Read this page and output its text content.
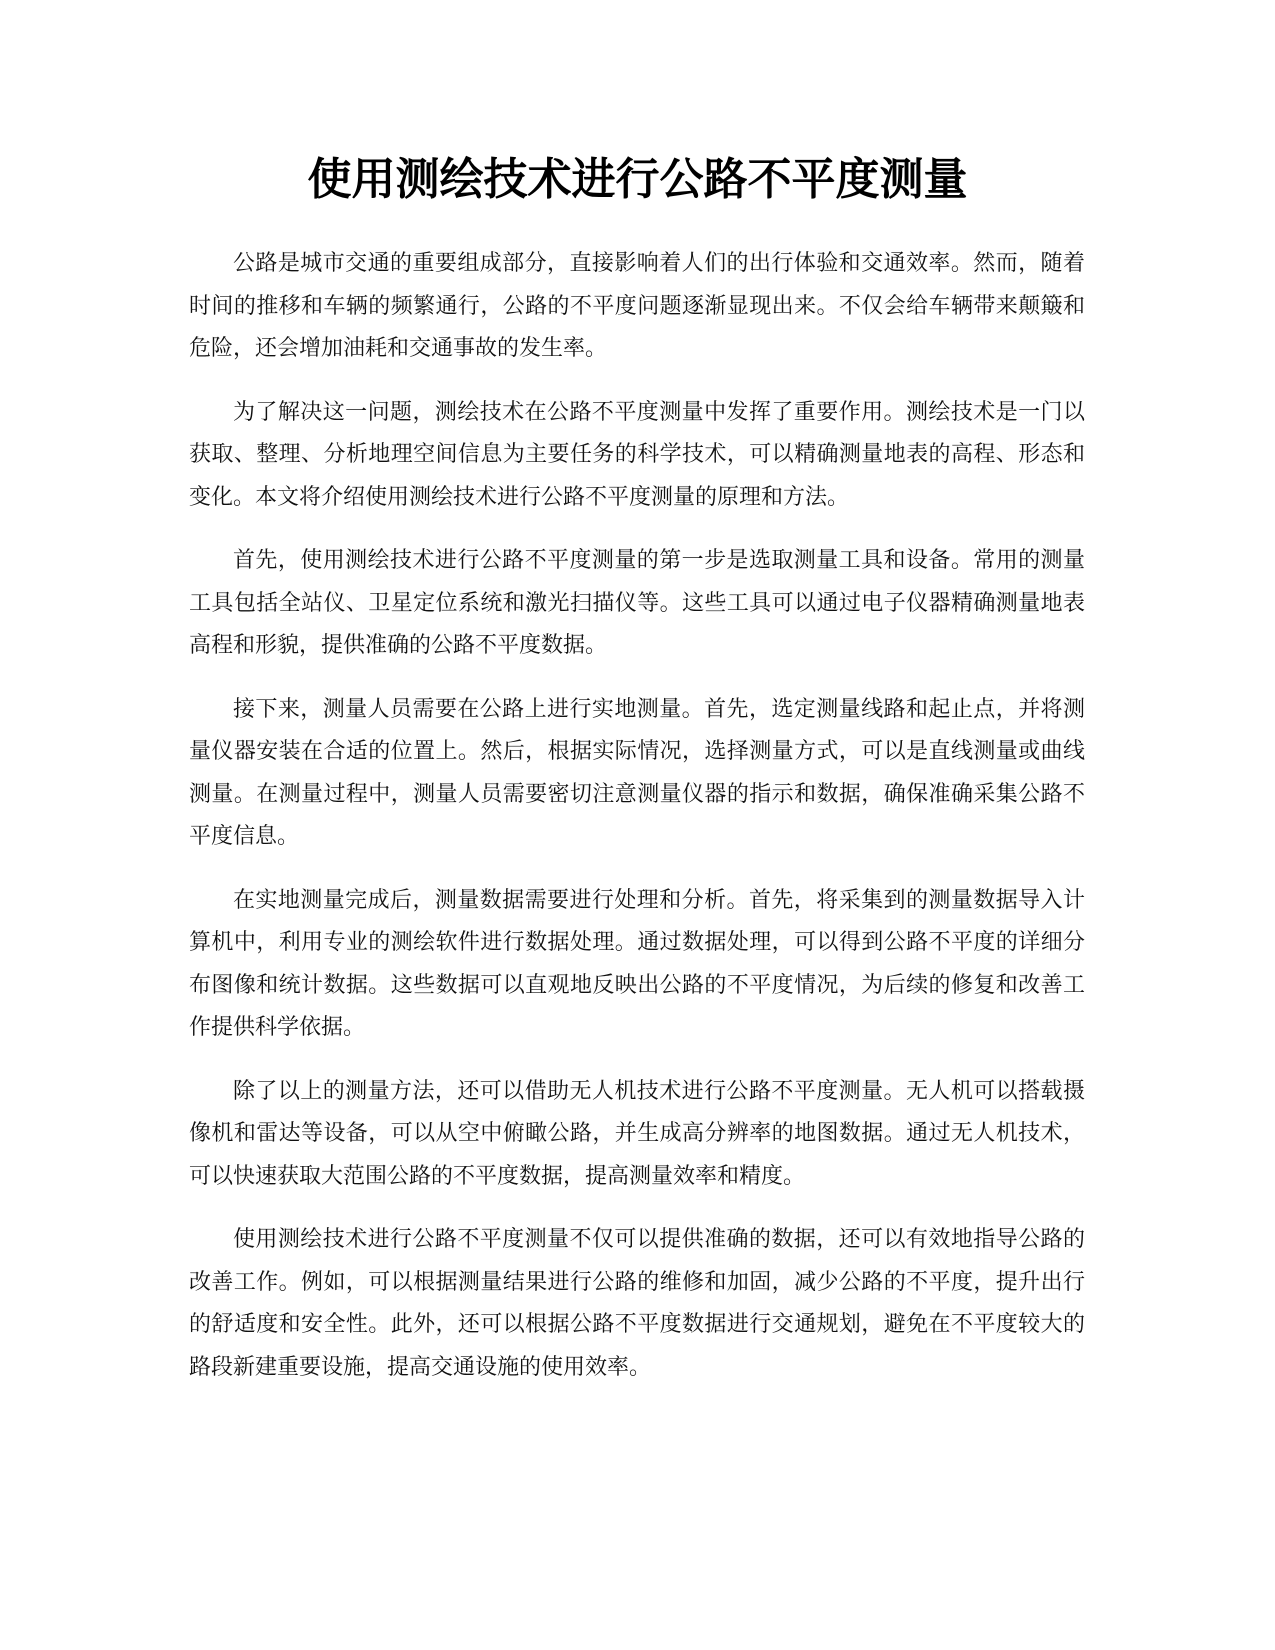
使用测绘技术进行公路不平度测量

公路是城市交通的重要组成部分，直接影响着人们的出行体验和交通效率。然而，随着时间的推移和车辆的频繁通行，公路的不平度问题逐渐显现出来。不仅会给车辆带来颠簸和危险，还会增加油耗和交通事故的发生率。

为了解决这一问题，测绘技术在公路不平度测量中发挥了重要作用。测绘技术是一门以获取、整理、分析地理空间信息为主要任务的科学技术，可以精确测量地表的高程、形态和变化。本文将介绍使用测绘技术进行公路不平度测量的原理和方法。

首先，使用测绘技术进行公路不平度测量的第一步是选取测量工具和设备。常用的测量工具包括全站仪、卫星定位系统和激光扫描仪等。这些工具可以通过电子仪器精确测量地表高程和形貌，提供准确的公路不平度数据。

接下来，测量人员需要在公路上进行实地测量。首先，选定测量线路和起止点，并将测量仪器安装在合适的位置上。然后，根据实际情况，选择测量方式，可以是直线测量或曲线测量。在测量过程中，测量人员需要密切注意测量仪器的指示和数据，确保准确采集公路不平度信息。

在实地测量完成后，测量数据需要进行处理和分析。首先，将采集到的测量数据导入计算机中，利用专业的测绘软件进行数据处理。通过数据处理，可以得到公路不平度的详细分布图像和统计数据。这些数据可以直观地反映出公路的不平度情况，为后续的修复和改善工作提供科学依据。

除了以上的测量方法，还可以借助无人机技术进行公路不平度测量。无人机可以搭载摄像机和雷达等设备，可以从空中俯瞰公路，并生成高分辨率的地图数据。通过无人机技术，可以快速获取大范围公路的不平度数据，提高测量效率和精度。

使用测绘技术进行公路不平度测量不仅可以提供准确的数据，还可以有效地指导公路的改善工作。例如，可以根据测量结果进行公路的维修和加固，减少公路的不平度，提升出行的舒适度和安全性。此外，还可以根据公路不平度数据进行交通规划，避免在不平度较大的路段新建重要设施，提高交通设施的使用效率。
